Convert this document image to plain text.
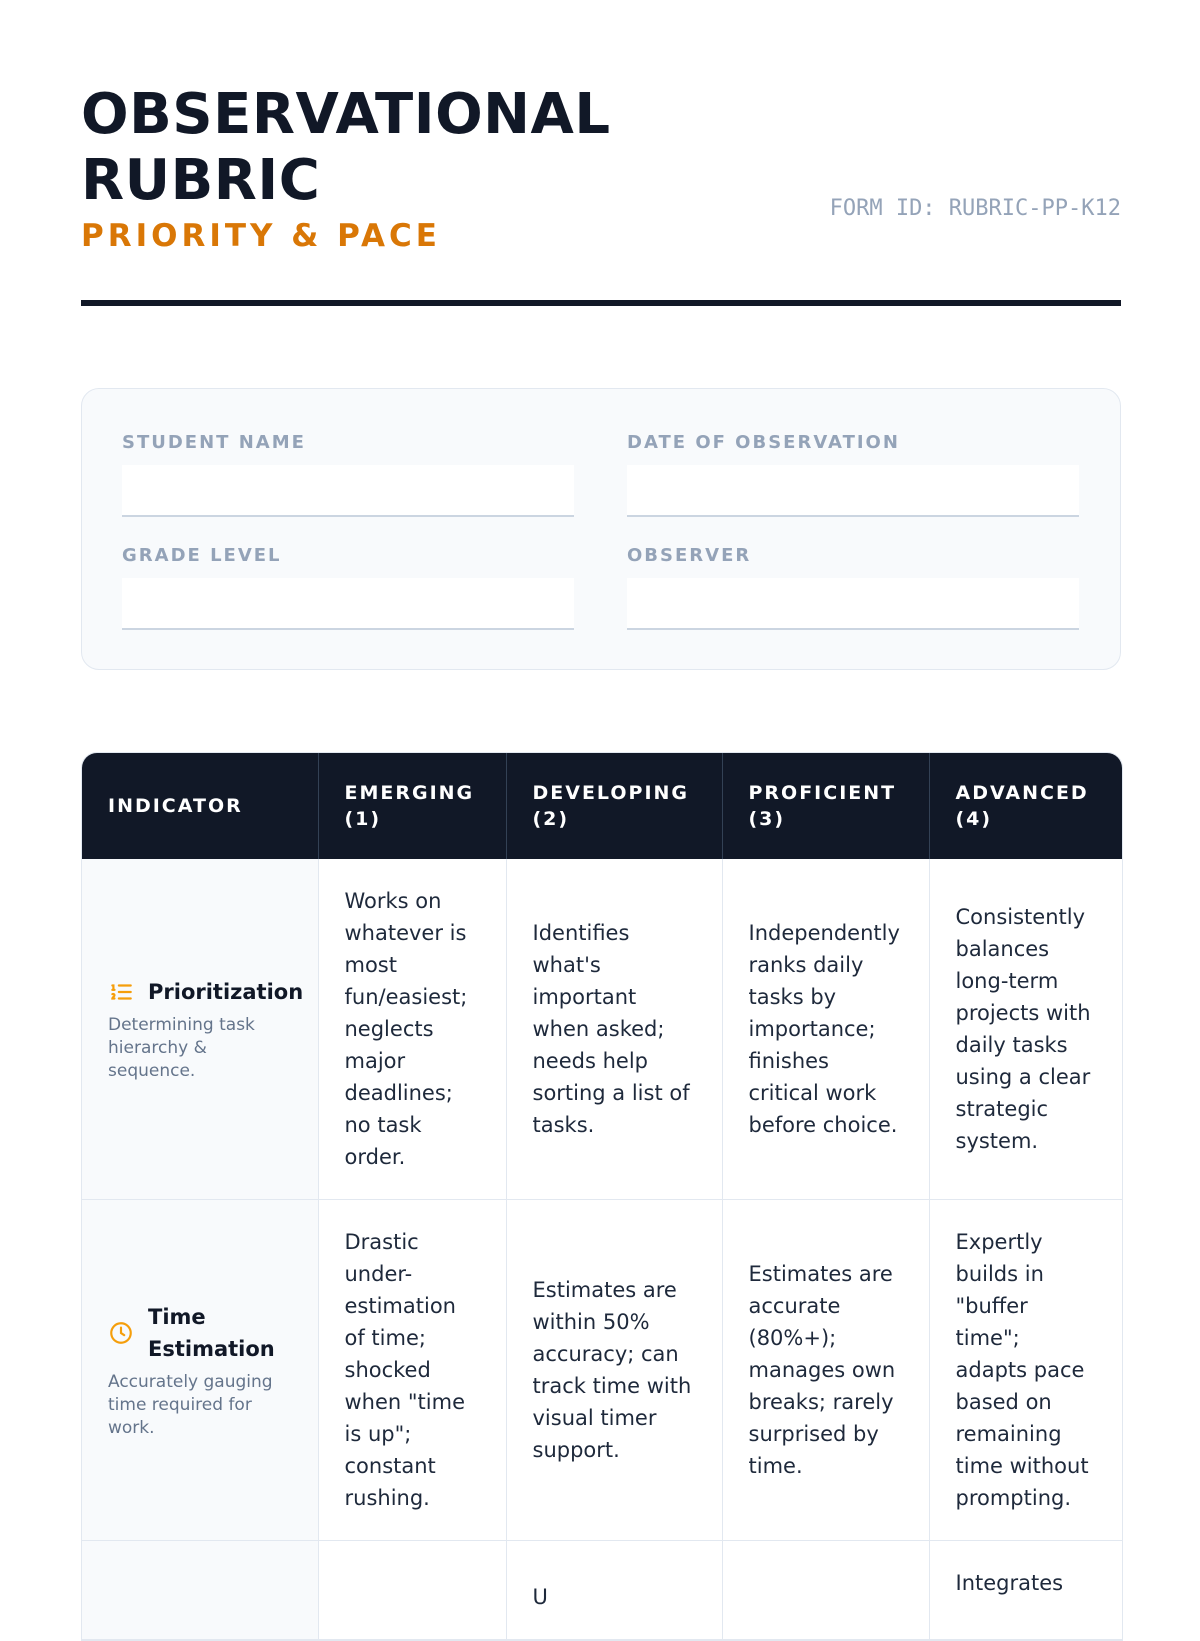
OBSERVATIONAL RUBRIC
PRIORITY & PACE
FORM ID: RUBRIC-PP-K12
STUDENT NAME	DATE OF OBSERVATION
GRADE LEVEL	OBSERVER
INDICATOR	EMERGING (1)	DEVELOPING (2)	PROFICIENT (3)	ADVANCED (4)

Prioritization
Determining task hierarchy & sequence.	Works on whatever is most fun/easiest; neglects major deadlines; no task order.	Identifies what's important when asked; needs help sorting a list of tasks.	Independently ranks daily tasks by importance; finishes critical work before choice.	Consistently balances long-term projects with daily tasks using a clear strategic system.

Time Estimation
Accurately gauging time required for work.	Drastic under-estimation of time; shocked when "time is up"; constant rushing.	Estimates are within 50% accuracy; can track time with visual timer support.	Estimates are accurate (80%+); manages own breaks; rarely surprised by time.	Expertly builds in "buffer time"; adapts pace based on remaining time without prompting.

		U		Integrates
